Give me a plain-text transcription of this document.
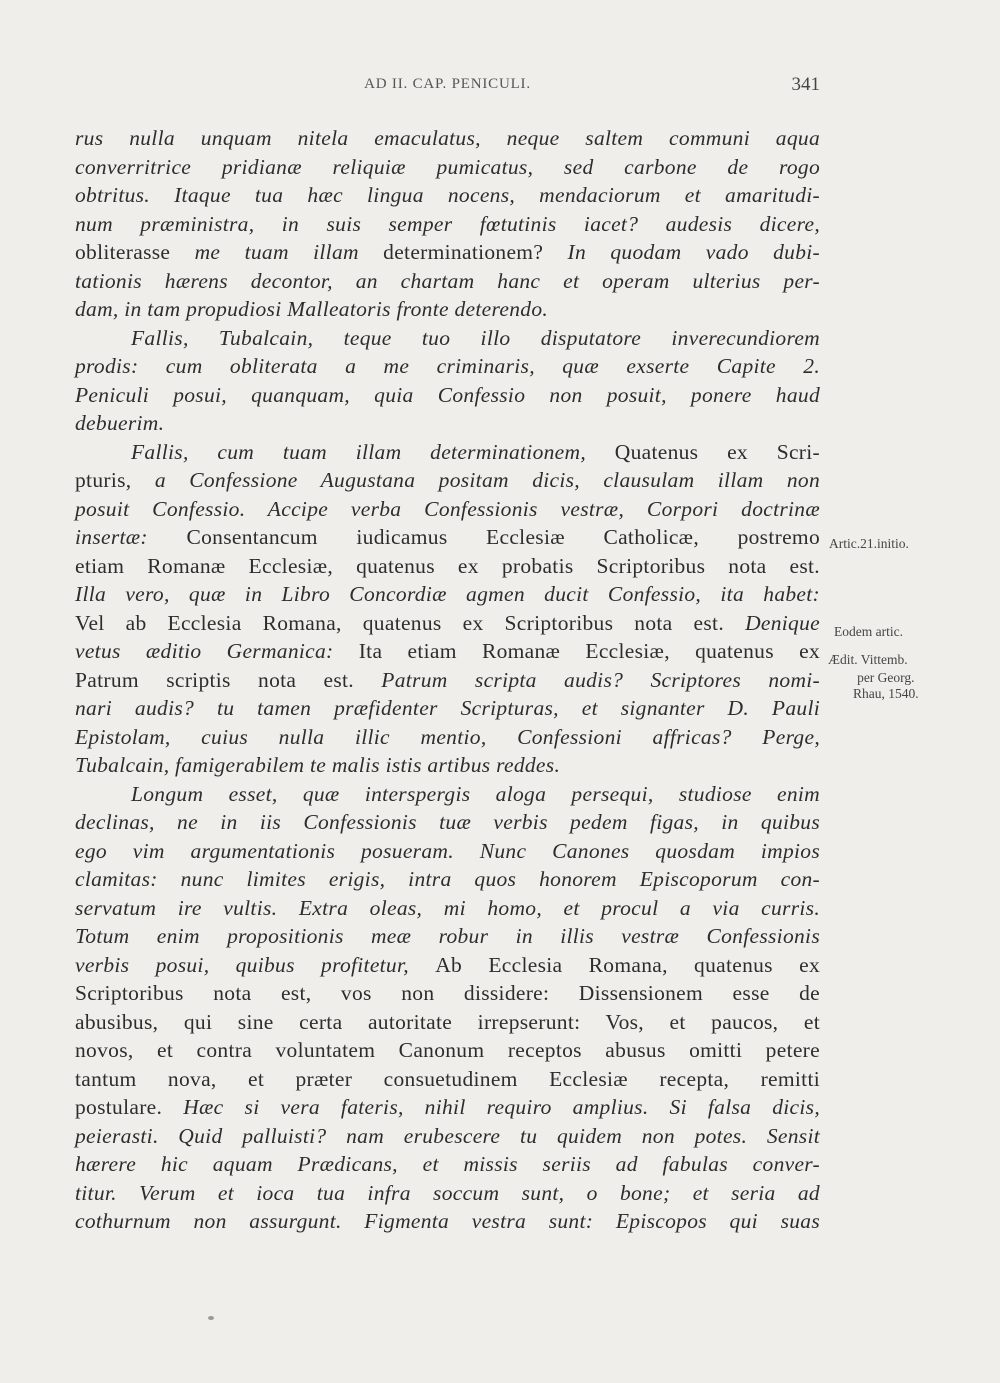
AD II. CAP. PENICULI.	341
rus nulla unquam nitela emaculatus, neque saltem communi aqua
converritrice pridianæ reliquiæ pumicatus, sed carbone de rogo
obtritus. Itaque tua hæc lingua nocens, mendaciorum et amaritudi-
num præministra, in suis semper fœtutinis iacet? audesis dicere,
obliterasse me tuam illam determinationem? In quodam vado dubi-
tationis hærens decontor, an chartam hanc et operam ulterius per-
dam, in tam propudiosi Malleatoris fronte deterendo.
Fallis, Tubalcain, teque tuo illo disputatore inverecundiorem
prodis: cum obliterata a me criminaris, quæ exserte Capite 2.
Peniculi posui, quanquam, quia Confessio non posuit, ponere haud
debuerim.
Fallis, cum tuam illam determinationem, Quatenus ex Scri-
pturis, a Confessione Augustana positam dicis, clausulam illam non
posuit Confessio. Accipe verba Confessionis vestræ, Corpori doctrinæ
insertæ: Consentancum iudicamus Ecclesiæ Catholicæ, postremo
etiam Romanæ Ecclesiæ, quatenus ex probatis Scriptoribus nota est.
Illa vero, quæ in Libro Concordiæ agmen ducit Confessio, ita habet:
Vel ab Ecclesia Romana, quatenus ex Scriptoribus nota est. Denique
vetus æditio Germanica: Ita etiam Romanæ Ecclesiæ, quatenus ex
Patrum scriptis nota est. Patrum scripta audis? Scriptores nomi-
nari audis? tu tamen præfidenter Scripturas, et signanter D. Pauli
Epistolam, cuius nulla illic mentio, Confessioni affricas? Perge,
Tubalcain, famigerabilem te malis istis artibus reddes.
Longum esset, quæ interspergis aloga persequi, studiose enim
declinas, ne in iis Confessionis tuæ verbis pedem figas, in quibus
ego vim argumentationis posueram. Nunc Canones quosdam impios
clamitas: nunc limites erigis, intra quos honorem Episcoporum con-
servatum ire vultis. Extra oleas, mi homo, et procul a via curris.
Totum enim propositionis meæ robur in illis vestræ Confessionis
verbis posui, quibus profitetur, Ab Ecclesia Romana, quatenus ex
Scriptoribus nota est, vos non dissidere: Dissensionem esse de
abusibus, qui sine certa autoritate irrepserunt: Vos, et paucos, et
novos, et contra voluntatem Canonum receptos abusus omitti petere
tantum nova, et præter consuetudinem Ecclesiæ recepta, remitti
postulare. Hæc si vera fateris, nihil requiro amplius. Si falsa dicis,
peierasti. Quid palluisti? nam erubescere tu quidem non potes. Sensit
hærere hic aquam Prædicans, et missis seriis ad fabulas conver-
titur. Verum et ioca tua infra soccum sunt, o bone; et seria ad
cothurnum non assurgunt. Figmenta vestra sunt: Episcopos qui suas
Artic.21.initio.
Eodem artic.
Ædit. Vittemb.
per Georg.
Rhau, 1540.
